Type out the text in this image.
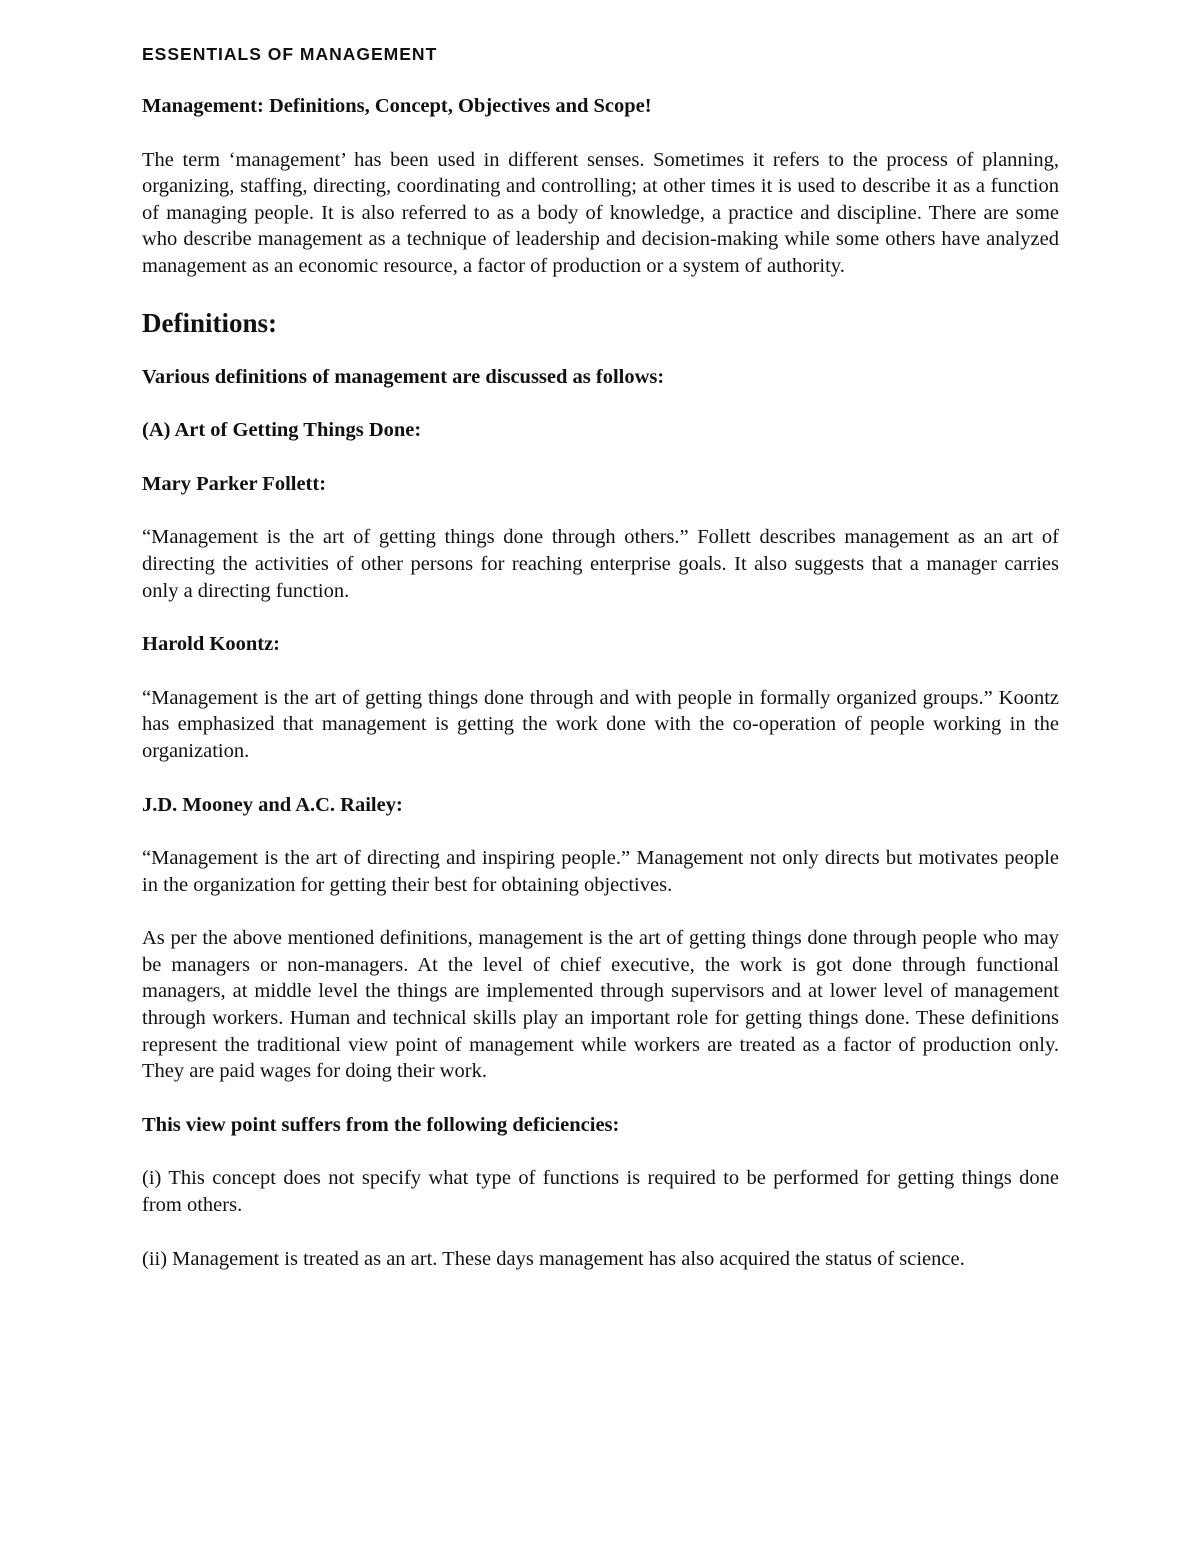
ESSENTIALS OF MANAGEMENT
Management: Definitions, Concept, Objectives and Scope!

The term ‘management’ has been used in different senses. Sometimes it refers to the process of planning, organizing, staffing, directing, coordinating and controlling; at other times it is used to describe it as a function of managing people. It is also referred to as a body of knowledge, a practice and discipline. There are some who describe management as a technique of leadership and decision-making while some others have analyzed management as an economic resource, a factor of production or a system of authority.

Definitions:
Various definitions of management are discussed as follows:
(A) Art of Getting Things Done:
Mary Parker Follett:

“Management is the art of getting things done through others.” Follett describes management as an art of directing the activities of other persons for reaching enterprise goals. It also suggests that a manager carries only a directing function.

Harold Koontz:

“Management is the art of getting things done through and with people in formally organized groups.” Koontz has emphasized that management is getting the work done with the co-operation of people working in the organization.

J.D. Mooney and A.C. Railey:

“Management is the art of directing and inspiring people.” Management not only directs but motivates people in the organization for getting their best for obtaining objectives.

As per the above mentioned definitions, management is the art of getting things done through people who may be managers or non-managers. At the level of chief executive, the work is got done through functional managers, at middle level the things are implemented through supervisors and at lower level of management through workers. Human and technical skills play an important role for getting things done. These definitions represent the traditional view point of management while workers are treated as a factor of production only. They are paid wages for doing their work.

This view point suffers from the following deficiencies:

(i) This concept does not specify what type of functions is required to be performed for getting things done from others.

(ii) Management is treated as an art. These days management has also acquired the status of science.
